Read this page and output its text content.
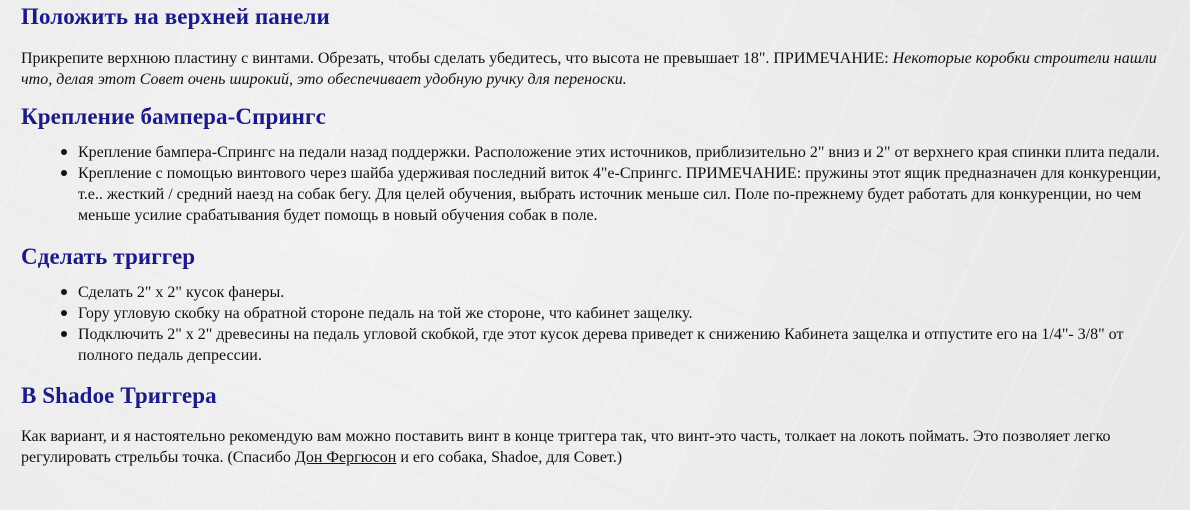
Положить на верхней панели

Прикрепите верхнюю пластину с винтами. Обрезать, чтобы сделать убедитесь, что высота не превышает 18". ПРИМЕЧАНИЕ: Некоторые коробки строители нашли что, делая этот Совет очень широкий, это обеспечивает удобную ручку для переноски.

Крепление бампера-Спрингс
Крепление бампера-Спрингс на педали назад поддержки. Расположение этих источников, приблизительно 2" вниз и 2" от верхнего края спинки плита педали.
Крепление с помощью винтового через шайба удерживая последний виток 4"е-Спрингс. ПРИМЕЧАНИЕ: пружины этот ящик предназначен для конкуренции, т.е.. жесткий / средний наезд на собак бегу. Для целей обучения, выбрать источник меньше сил. Поле по-прежнему будет работать для конкуренции, но чем меньше усилие срабатывания будет помощь в новый обучения собак в поле.
Сделать триггер
Сделать 2" х 2" кусок фанеры.
Гору угловую скобку на обратной стороне педаль на той же стороне, что кабинет защелку.
Подключить 2" х 2" древесины на педаль угловой скобкой, где этот кусок дерева приведет к снижению Кабинета защелка и отпустите его на 1/4"- 3/8" от полного педаль депрессии.
В Shadoe Триггера

Как вариант, и я настоятельно рекомендую вам можно поставить винт в конце триггера так, что винт-это часть, толкает на локоть поймать. Это позволяет легко регулировать стрельбы точка. (Спасибо Дон Фергюсон и его собака, Shadoe, для Совет.)
